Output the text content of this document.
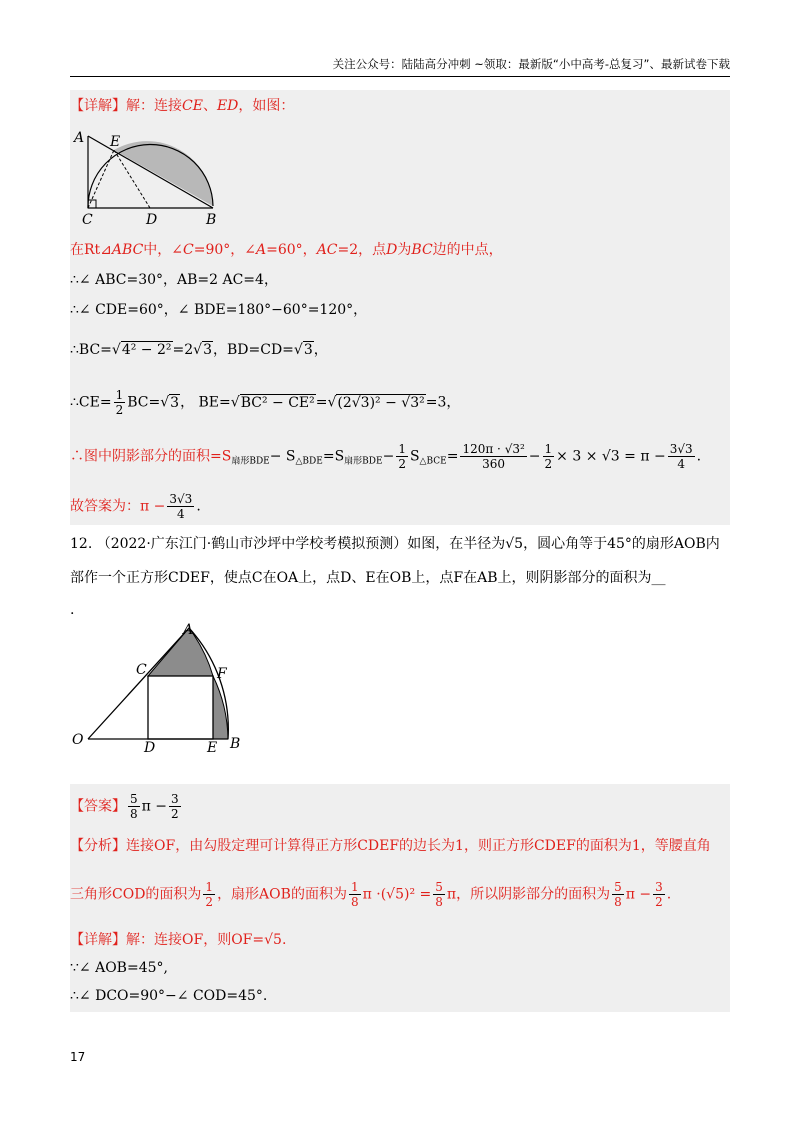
关注公众号：陆陆高分冲刺 ~领取：最新版“小中高考-总复习”、最新试卷下载
【详解】解：连接CE、ED，如图：
A E
C	D	B
在Rt⊿ABC中，∠C=90°，∠A=60°，AC=2，点D为BC边的中点，
∴∠ ABC=30°，AB=2 AC=4，
∴∠ CDE=60°，∠ BDE=180°−60°=120°，
∴BC=√4² − 2²=2√3，BD=CD=√3，
∴CE= $\frac{1}{2} BC=√3$， BE=√BC² − CE²=√(2√3)² − √3²=3，
∴图中阴影部分的面积$=S_{扇形BDE}- S_{\triangle BDE}=S_{扇形BDE}- \frac{1}{2} S_{\triangle BCE}= \frac{\text{120π · √3²}}{360} - \frac{1}{2} \times 3 \times √3 = \pi - \frac{3√3}{4}$ .
故答案为：$\pi - \frac{3√3}{4}$ .
12. （2022·广东江门·鹤山市沙坪中学校考模拟预测）如图，在半径为√5，圆心角等于45°的扇形AOB内
部作一个正方形CDEF，使点C在OA上，点D、E在OB上，点F在AB上，则阴影部分的面积为__
.
A
C	F
O	D	E B
【答案】 $\frac{5}{8}$ $\pi - \frac{3}{2}$
【分析】连接OF，由勾股定理可计算得正方形CDEF的边长为1，则正方形CDEF的面积为1，等腰直角
三角形COD的面积为 $\frac{1}{2}$ ，扇形AOB的面积为 $\frac{1}{8}$ $\pi \cdot(√5)^2 = \frac{5}{8}$ π，所以阴影部分的面积为 $\frac{5}{8}$ $\pi - \frac{3}{2}$ .
【详解】解：连接OF，则OF=√5.
∵∠ AOB=45°,
∴∠ DCO=90°−∠ COD=45°.
17
